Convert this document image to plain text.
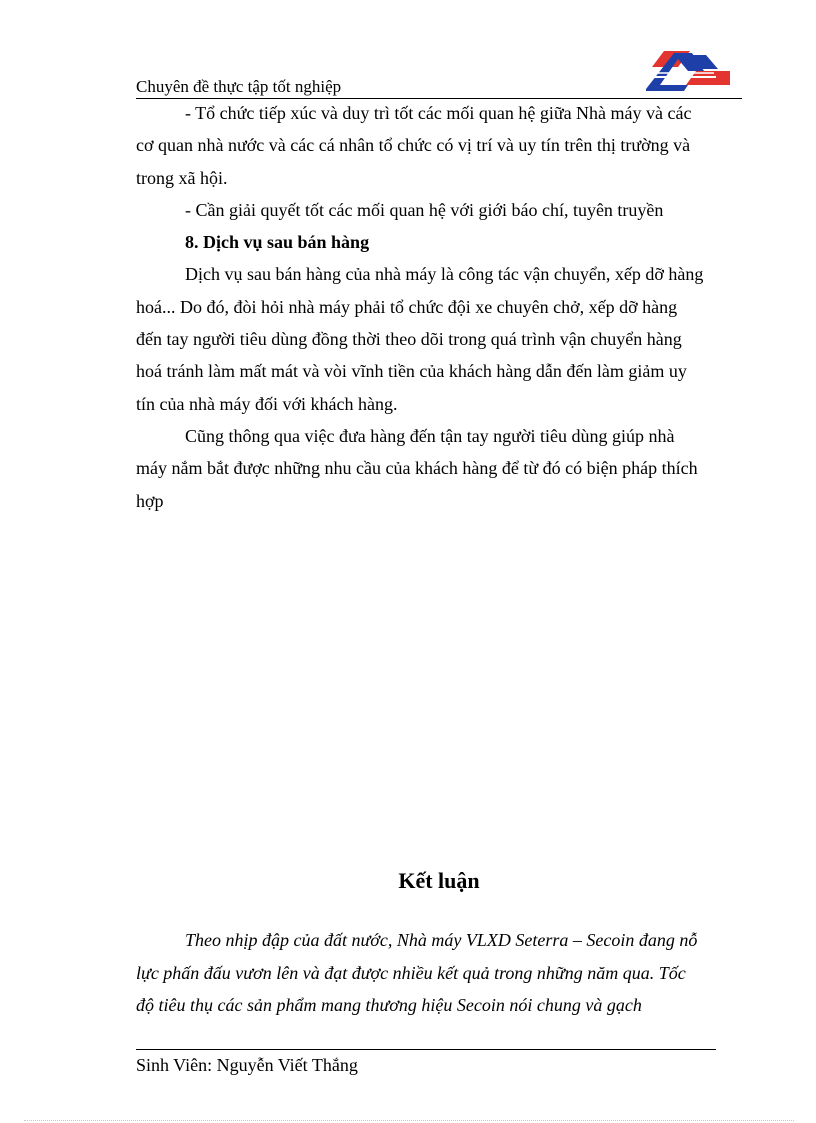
Chuyên đề thực tập tốt nghiệp

- Tổ chức tiếp xúc và duy trì tốt các mối quan hệ giữa Nhà máy và các

cơ quan nhà nước và các cá nhân tổ chức có vị trí và uy tín trên thị trường và

trong xã hội.

- Cần giải quyết tốt các mối quan hệ với giới báo chí, tuyên truyền

8. Dịch vụ sau bán hàng

Dịch vụ sau bán hàng của nhà máy là công tác vận chuyển, xếp dỡ hàng

hoá... Do đó, đòi hỏi nhà máy phải tổ chức đội xe chuyên chở, xếp dỡ hàng

đến tay người tiêu dùng đồng thời theo dõi trong quá trình vận chuyển hàng

hoá tránh làm mất mát và vòi vĩnh tiền của khách hàng dẫn đến làm giảm uy

tín của nhà máy đối với khách hàng.

Cũng thông qua việc đưa hàng đến tận tay người tiêu dùng giúp nhà

máy nắm bắt được những nhu cầu của khách hàng để từ đó có biện pháp thích

hợp

Kết luận

Theo nhịp đập của đất nước, Nhà máy VLXD Seterra – Secoin đang nỗ

lực phấn đấu vươn lên và đạt được nhiều kết quả trong những năm qua. Tốc

độ tiêu thụ các sản phẩm mang thương hiệu Secoin nói chung và gạch

Sinh Viên: Nguyễn Viết Thắng
